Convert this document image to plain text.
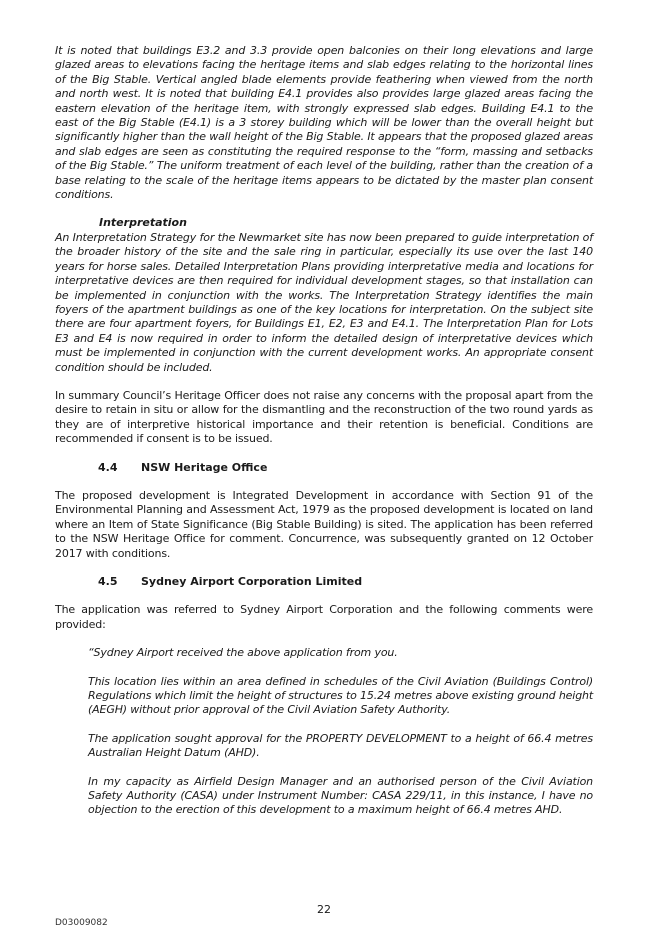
It is noted that buildings E3.2 and 3.3 provide open balconies on their long elevations and large glazed areas to elevations facing the heritage items and slab edges relating to the horizontal lines of the Big Stable. Vertical angled blade elements provide feathering when viewed from the north and north west. It is noted that building E4.1 provides also provides large glazed areas facing the eastern elevation of the heritage item, with strongly expressed slab edges. Building E4.1 to the east of the Big Stable (E4.1) is a 3 storey building which will be lower than the overall height but significantly higher than the wall height of the Big Stable. It appears that the proposed glazed areas and slab edges are seen as constituting the required response to the “form, massing and setbacks of the Big Stable.” The uniform treatment of each level of the building, rather than the creation of a base relating to the scale of the heritage items appears to be dictated by the master plan consent conditions.

Interpretation

An Interpretation Strategy for the Newmarket site has now been prepared to guide interpretation of the broader history of the site and the sale ring in particular, especially its use over the last 140 years for horse sales. Detailed Interpretation Plans providing interpretative media and locations for interpretative devices are then required for individual development stages, so that installation can be implemented in conjunction with the works. The Interpretation Strategy identifies the main foyers of the apartment buildings as one of the key locations for interpretation. On the subject site there are four apartment foyers, for Buildings E1, E2, E3 and E4.1. The Interpretation Plan for Lots E3 and E4 is now required in order to inform the detailed design of interpretative devices which must be implemented in conjunction with the current development works. An appropriate consent condition should be included.

In summary Council’s Heritage Officer does not raise any concerns with the proposal apart from the desire to retain in situ or allow for the dismantling and the reconstruction of the two round yards as they are of interpretive historical importance and their retention is beneficial. Conditions are recommended if consent is to be issued.

4.4 NSW Heritage Office

The proposed development is Integrated Development in accordance with Section 91 of the Environmental Planning and Assessment Act, 1979 as the proposed development is located on land where an Item of State Significance (Big Stable Building) is sited. The application has been referred to the NSW Heritage Office for comment. Concurrence, was subsequently granted on 12 October 2017 with conditions.

4.5 Sydney Airport Corporation Limited

The application was referred to Sydney Airport Corporation and the following comments were provided:

“Sydney Airport received the above application from you.

This location lies within an area defined in schedules of the Civil Aviation (Buildings Control) Regulations which limit the height of structures to 15.24 metres above existing ground height (AEGH) without prior approval of the Civil Aviation Safety Authority.

The application sought approval for the PROPERTY DEVELOPMENT to a height of 66.4 metres Australian Height Datum (AHD).

In my capacity as Airfield Design Manager and an authorised person of the Civil Aviation Safety Authority (CASA) under Instrument Number: CASA 229/11, in this instance, I have no objection to the erection of this development to a maximum height of 66.4 metres AHD.

22
D03009082
